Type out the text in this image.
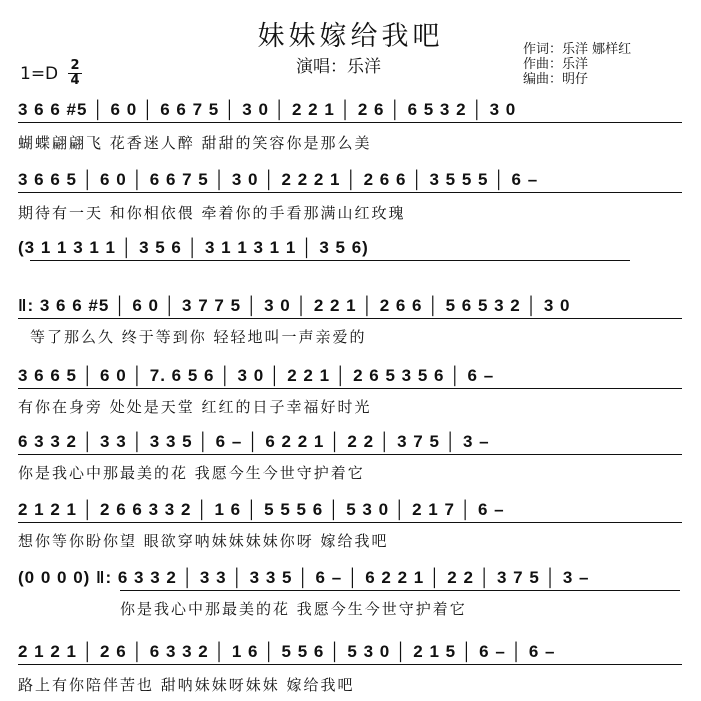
妹妹嫁给我吧
演唱：乐洋
作词：乐洋 娜样红
作曲：乐洋
编曲：明仔
1=D 2
4
3 6 6 #5 │ 6 0 │ 6 6 7 5 │ 3 0 │ 2 2 1 │ 2 6 │ 6 5 3 2 │ 3 0
蝴蝶翩翩飞 花香迷人醉 甜甜的笑容你是那么美
3 6 6 5 │ 6 0 │ 6 6 7 5 │ 3 0 │ 2 2 2 1 │ 2 6 6 │ 3 5 5 5 │ 6 –
期待有一天 和你相依偎 牵着你的手看那满山红玫瑰
(3 1 1 3 1 1 │ 3 5 6 │ 3 1 1 3 1 1 │ 3 5 6)
‖: 3 6 6 #5 │ 6 0 │ 3 7 7 5 │ 3 0 │ 2 2 1 │ 2 6 6 │ 5 6 5 3 2 │ 3 0
等了那么久 终于等到你 轻轻地叫一声亲爱的
3 6 6 5 │ 6 0 │ 7. 6 5 6 │ 3 0 │ 2 2 1 │ 2 6 5 3 5 6 │ 6 –
有你在身旁 处处是天堂 红红的日子幸福好时光
6 3 3 2 │ 3 3 │ 3 3 5 │ 6 – │ 6 2 2 1 │ 2 2 │ 3 7 5 │ 3 –
你是我心中那最美的花 我愿今生今世守护着它
2 1 2 1 │ 2 6 6 3 3 2 │ 1 6 │ 5 5 5 6 │ 5 3 0 │ 2 1 7 │ 6 –
想你等你盼你望 眼欲穿呐妹妹妹妹你呀 嫁给我吧
(0 0 0 0) ‖: 6 3 3 2 │ 3 3 │ 3 3 5 │ 6 – │ 6 2 2 1 │ 2 2 │ 3 7 5 │ 3 –
你是我心中那最美的花 我愿今生今世守护着它
2 1 2 1 │ 2 6 │ 6 3 3 2 │ 1 6 │ 5 5 6 │ 5 3 0 │ 2 1 5 │ 6 – │ 6 –
路上有你陪伴苦也 甜呐妹妹呀妹妹 嫁给我吧
